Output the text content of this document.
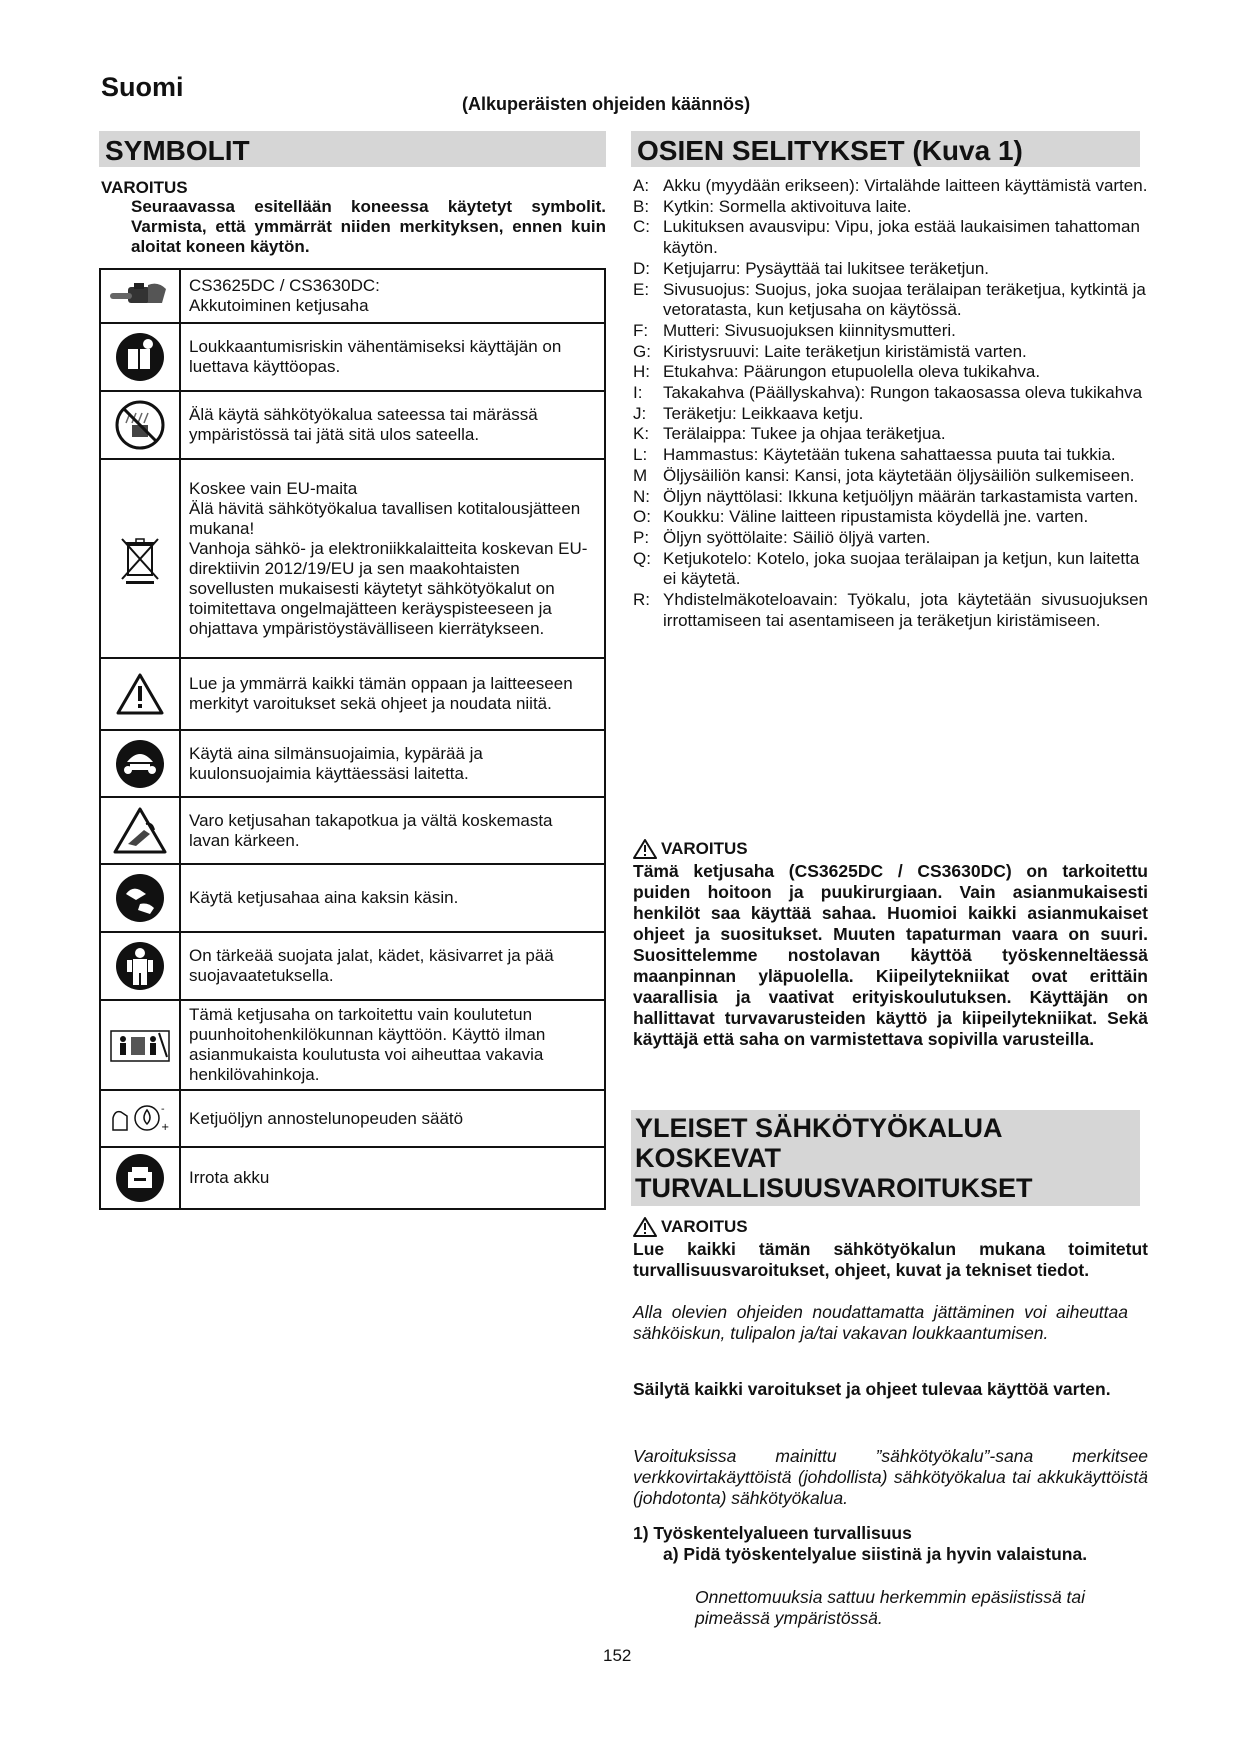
Suomi
(Alkuperäisten ohjeiden käännös)
SYMBOLIT
VAROITUS
Seuraavassa esitellään koneessa käytetyt symbolit. Varmista, että ymmärrät niiden merkityksen, ennen kuin aloitat koneen käytön.
	CS3625DC / CS3630DC:
Akkutoiminen ketjusaha

	Loukkaantumisriskin vähentämiseksi käyttäjän on luettava käyttöopas.

	Älä käytä sähkötyökalua sateessa tai märässä ympäristössä tai jätä sitä ulos sateella.

	Koskee vain EU-maita
Älä hävitä sähkötyökalua tavallisen kotitalousjätteen mukana!
Vanhoja sähkö- ja elektroniikkalaitteita koskevan EU-direktiivin 2012/19/EU ja sen maakohtaisten sovellusten mukaisesti käytetyt sähkötyökalut on toimitettava ongelmajätteen keräyspisteeseen ja ohjattava ympäristöystävälliseen kierrätykseen.

	Lue ja ymmärrä kaikki tämän oppaan ja laitteeseen merkityt varoitukset sekä ohjeet ja noudata niitä.

	Käytä aina silmänsuojaimia, kypärää ja kuulonsuojaimia käyttäessäsi laitetta.

	Varo ketjusahan takapotkua ja vältä koskemasta lavan kärkeen.

	Käytä ketjusahaa aina kaksin käsin.

	On tärkeää suojata jalat, kädet, käsivarret ja pää suojavaatetuksella.

	Tämä ketjusaha on tarkoitettu vain koulutetun puunhoitohenkilökunnan käyttöön. Käyttö ilman asianmukaista koulutusta voi aiheuttaa vakavia henkilövahinkoja.

-
+	Ketjuöljyn annostelunopeuden säätö

	Irrota akku
OSIEN SELITYKSET (Kuva 1)
A: Akku (myydään erikseen): Virtalähde laitteen käyttämistä varten.
B: Kytkin: Sormella aktivoituva laite.
C: Lukituksen avausvipu: Vipu, joka estää laukaisimen tahattoman käytön.
D: Ketjujarru: Pysäyttää tai lukitsee teräketjun.
E: Sivusuojus: Suojus, joka suojaa terälaipan teräketjua, kytkintä ja vetoratasta, kun ketjusaha on käytössä.
F: Mutteri: Sivusuojuksen kiinnitysmutteri.
G: Kiristysruuvi: Laite teräketjun kiristämistä varten.
H: Etukahva: Päärungon etupuolella oleva tukikahva.
I:	Takakahva (Päällyskahva): Rungon takaosassa oleva tukikahva
J: Teräketju: Leikkaava ketju.
K: Terälaippa: Tukee ja ohjaa teräketjua.
L: Hammastus: Käytetään tukena sahattaessa puuta tai tukkia.
M Öljysäiliön kansi: Kansi, jota käytetään öljysäiliön sulkemiseen.
N: Öljyn näyttölasi: Ikkuna ketjuöljyn määrän tarkastamista varten.
O: Koukku: Väline laitteen ripustamista köydellä jne. varten.
P: Öljyn syöttölaite: Säiliö öljyä varten.
Q: Ketjukotelo: Kotelo, joka suojaa terälaipan ja ketjun, kun laitetta ei käytetä.
R: Yhdistelmäkoteloavain: Työkalu, jota käytetään sivusuojuksen irrottamiseen tai asentamiseen ja teräketjun kiristämiseen.
VAROITUS
Tämä ketjusaha (CS3625DC / CS3630DC) on tarkoitettu puiden hoitoon ja puukirurgiaan. Vain asianmukaisesti henkilöt saa käyttää sahaa. Huomioi kaikki asianmukaiset ohjeet ja suositukset. Muuten tapaturman vaara on suuri. Suosittelemme nostolavan käyttöä työskenneltäessä maanpinnan yläpuolella. Kiipeilytekniikat ovat erittäin vaarallisia ja vaativat erityiskoulutuksen. Käyttäjän on hallittavat turvavarusteiden käyttö ja kiipeilytekniikat. Sekä käyttäjä että saha on varmistettava sopivilla varusteilla.
YLEISET SÄHKÖTYÖKALUA KOSKEVAT TURVALLISUUSVAROITUKSET
VAROITUS
Lue kaikki tämän sähkötyökalun mukana toimitetut turvallisuusvaroitukset, ohjeet, kuvat ja tekniset tiedot.
Alla olevien ohjeiden noudattamatta jättäminen voi aiheuttaa sähköiskun, tulipalon ja/tai vakavan loukkaantumisen.
Säilytä kaikki varoitukset ja ohjeet tulevaa käyttöä varten.
Varoituksissa mainittu ”sähkötyökalu”-sana merkitsee verkkovirtakäyttöistä (johdollista) sähkötyökalua tai akkukäyttöistä (johdotonta) sähkötyökalua.
1) Työskentelyalueen turvallisuus
a) Pidä työskentelyalue siistinä ja hyvin valaistuna.
Onnettomuuksia sattuu herkemmin epäsiistissä tai pimeässä ympäristössä.
152
